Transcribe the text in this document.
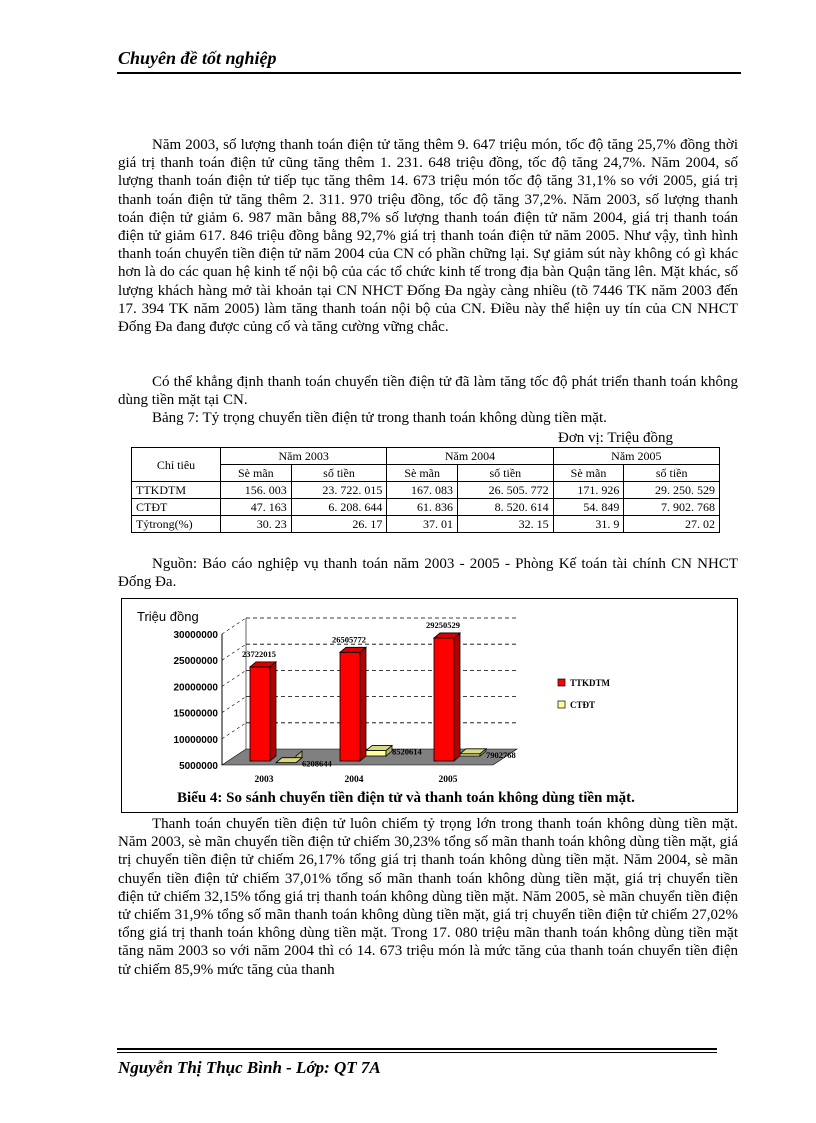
Chuyên đề tốt nghiệp

Năm 2003, số lượng thanh toán điện tử tăng thêm 9. 647 triệu món, tốc độ tăng 25,7% đồng thời giá trị thanh toán điện tử cũng tăng thêm 1. 231. 648 triệu đồng, tốc độ tăng 24,7%. Năm 2004, số lượng thanh toán điện tử tiếp tục tăng thêm 14. 673 triệu món tốc độ tăng 31,1% so với 2005, giá trị thanh toán điện tử tăng thêm 2. 311. 970 triệu đồng, tốc độ tăng 37,2%. Năm 2003, số lượng thanh toán điện tử giảm 6. 987 mãn bằng 88,7% số lượng thanh toán điện tử năm 2004, giá trị thanh toán điện tử giảm 617. 846 triệu đồng bằng 92,7% giá trị thanh toán điện tử năm 2005. Như vậy, tình hình thanh toán chuyển tiền điện tử năm 2004 của CN có phần chững lại. Sự giảm sút này không có gì khác hơn là do các quan hệ kinh tế nội bộ của các tổ chức kinh tế trong địa bàn Quận tăng lên. Mặt khác, số lượng khách hàng mở tài khoản tại CN NHCT Đống Đa ngày càng nhiều (tõ 7446 TK năm 2003 đến 17. 394 TK năm 2005) làm tăng thanh toán nội bộ của CN. Điều này thể hiện uy tín của CN NHCT Đống Đa đang được củng cố và tăng cường vững chắc.

Có thể khẳng định thanh toán chuyển tiền điện tử đã làm tăng tốc độ phát triển thanh toán không dùng tiền mặt tại CN.

Bảng 7: Tỷ trọng chuyển tiền điện tử trong thanh toán không dùng tiền mặt.
Đơn vị: Triệu đồng
Chỉ tiêu	Năm 2003		Năm 2004		Năm 2005	
	Sè mãn	số tiền	Sè mãn	số tiền	Sè mãn	số tiền
TTKDTM	156. 003	23. 722. 015	167. 083	26. 505. 772	171. 926	29. 250. 529
CTĐT	47. 163	6. 208. 644	61. 836	8. 520. 614	54. 849	7. 902. 768
Tỷtrong(%)	30. 23	26. 17	37. 01	32. 15	31. 9	27. 02

Nguồn: Báo cáo nghiệp vụ thanh toán năm 2003 - 2005 - Phòng Kế toán tài chính CN NHCT Đống Đa.

Triệu đồng
30000000
25000000
20000000
15000000
10000000
5000000
23722015
6208644
2003
26505772
8520614
2004
29250529
7902768
2005
TTKDTM
CTĐT
Biểu 4: So sánh chuyển tiền điện tử và thanh toán không dùng tiền mặt.

Thanh toán chuyển tiền điện tử luôn chiếm tỷ trọng lớn trong thanh toán không dùng tiền mặt. Năm 2003, sè mãn chuyển tiền điện tử chiếm 30,23% tổng số mãn thanh toán không dùng tiền mặt, giá trị chuyển tiền điện tử chiếm 26,17% tổng giá trị thanh toán không dùng tiền mặt. Năm 2004, sè mãn chuyển tiền điện tử chiếm 37,01% tổng số mãn thanh toán không dùng tiền mặt, giá trị chuyển tiền điện tử chiếm 32,15% tổng giá trị thanh toán không dùng tiền mặt. Năm 2005, sè mãn chuyển tiền điện tử chiếm 31,9% tổng số mãn thanh toán không dùng tiền mặt, giá trị chuyển tiền điện tử chiếm 27,02% tổng giá trị thanh toán không dùng tiền mặt. Trong 17. 080 triệu mãn thanh toán không dùng tiền mặt tăng năm 2003 so với năm 2004 thì có 14. 673 triệu món là mức tăng của thanh toán chuyển tiền điện tử chiếm 85,9% mức tăng của thanh

Nguyễn Thị Thục Bình - Lớp: QT 7A
